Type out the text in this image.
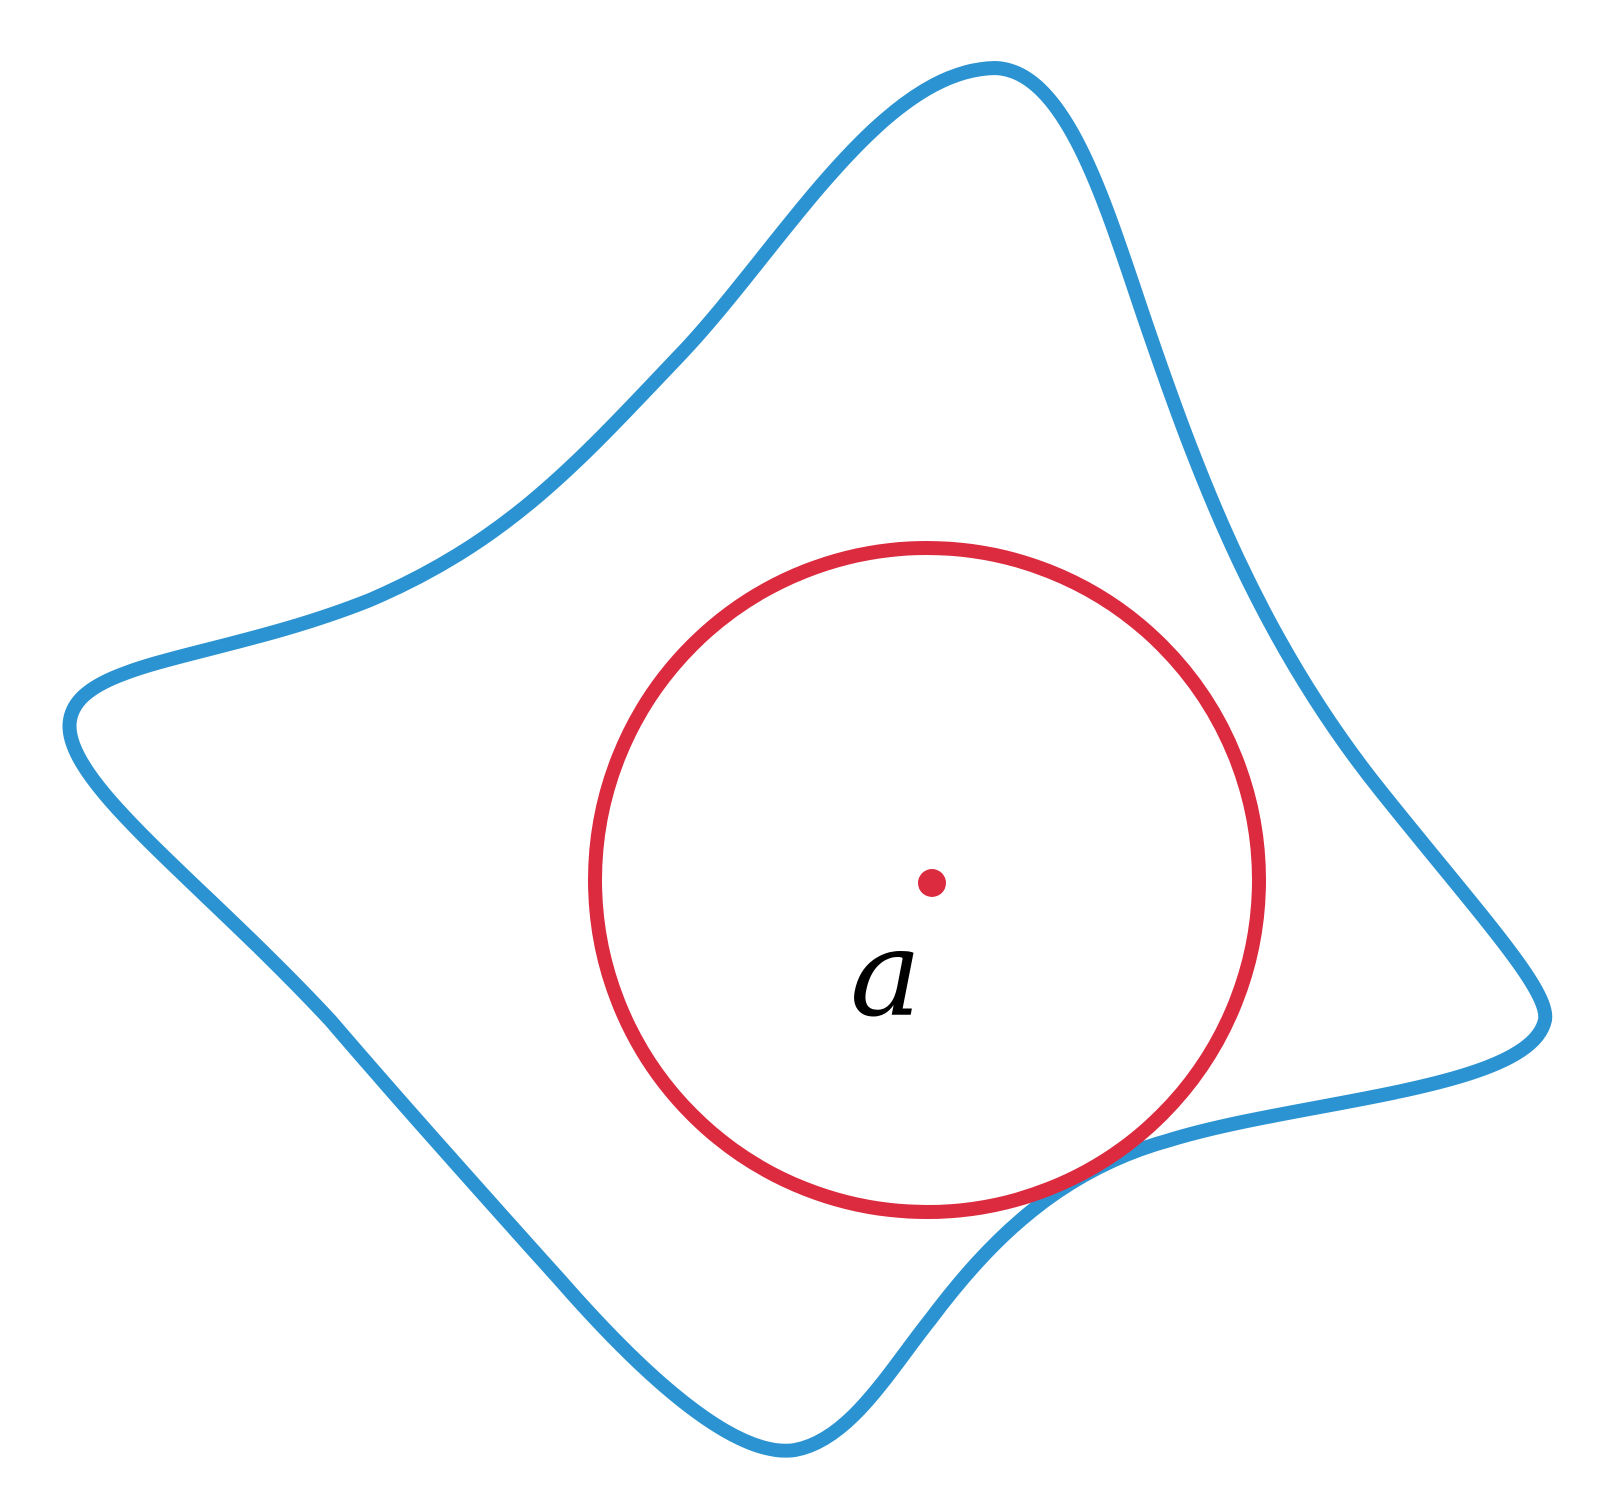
a
